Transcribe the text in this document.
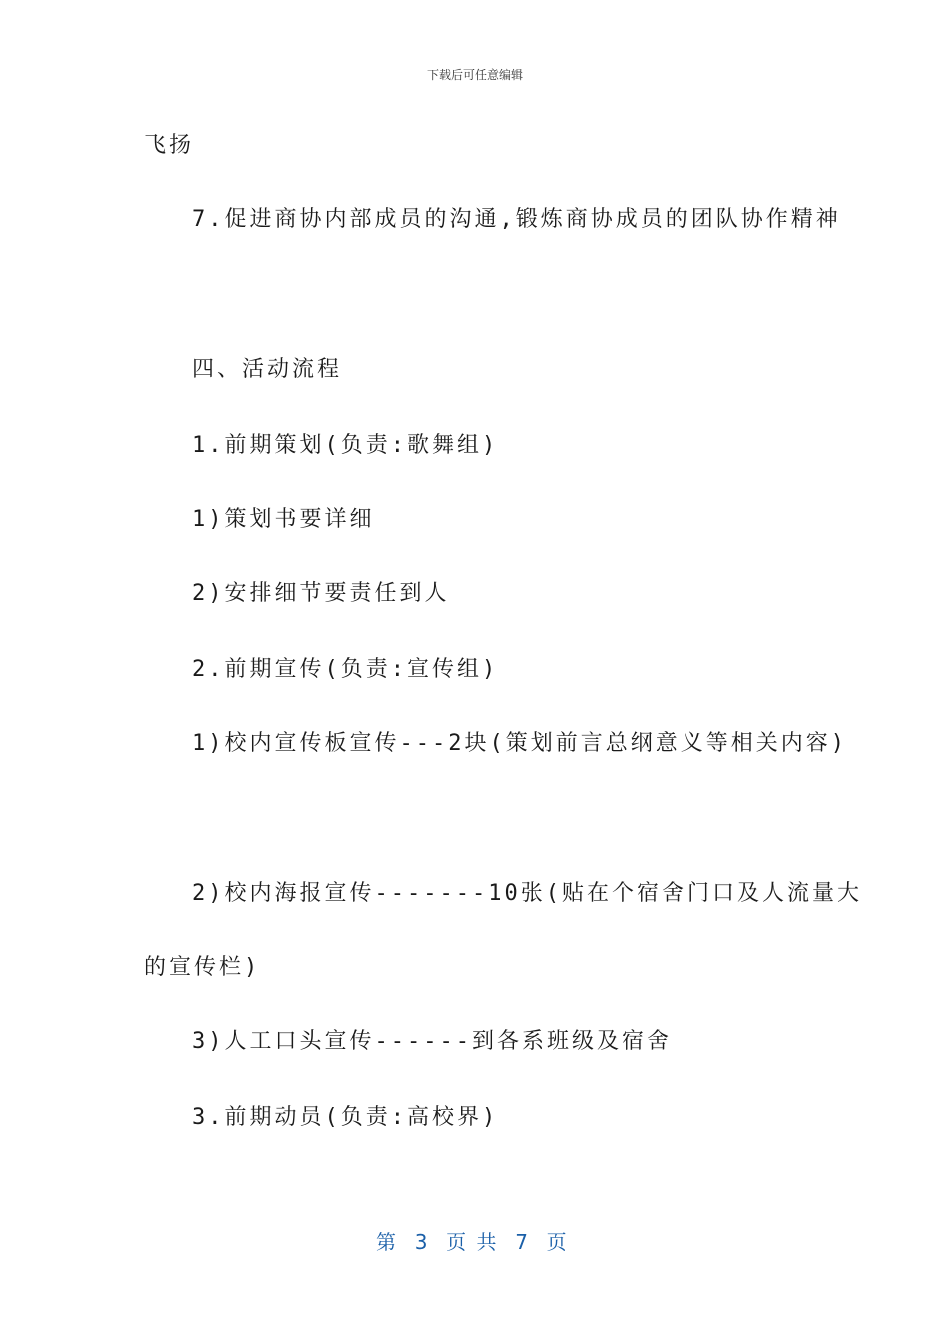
下载后可任意编辑
飞扬
7.促进商协内部成员的沟通,锻炼商协成员的团队协作精神
四、活动流程
1.前期策划(负责:歌舞组)
1)策划书要详细
2)安排细节要责任到人
2.前期宣传(负责:宣传组)
1)校内宣传板宣传---2块(策划前言总纲意义等相关内容)
2)校内海报宣传-------10张(贴在个宿舍门口及人流量大
的宣传栏)
3)人工口头宣传------到各系班级及宿舍
3.前期动员(负责:高校界)
第  3  页 共  7  页
